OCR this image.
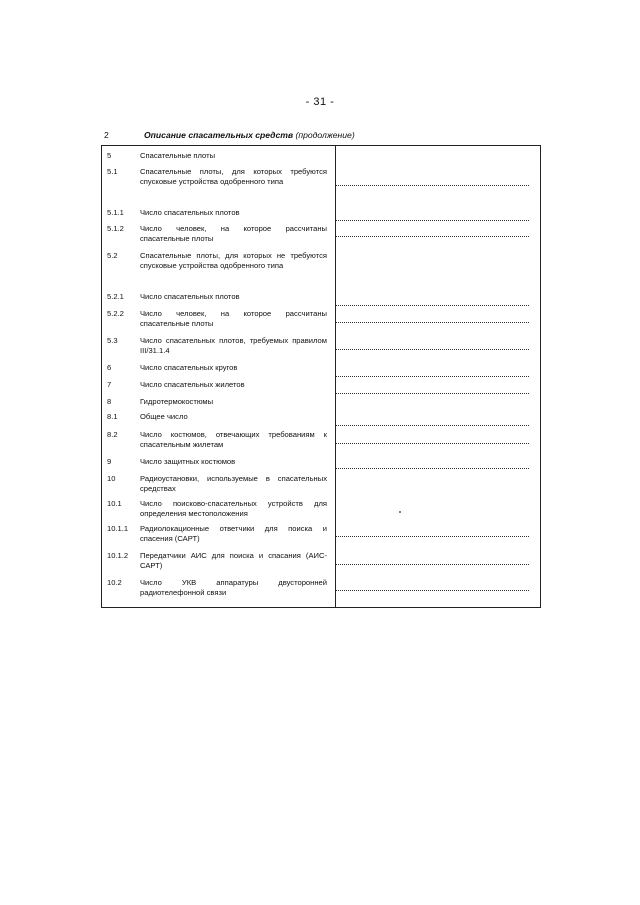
- 31 -
2	Описание спасательных средств (продолжение)
5	Спасательные плоты
5.1	Спасательные плоты, для которых требуются спусковые устройства одобренного типа
5.1.1	Число спасательных плотов
5.1.2	Число человек, на которое рассчитаны спасательные плоты
5.2	Спасательные плоты, для которых не требуются спусковые устройства одобренного типа
5.2.1	Число спасательных плотов
5.2.2	Число человек, на которое рассчитаны спасательные плоты
5.3	Число спасательных плотов, требуемых правилом III/31.1.4
6	Число спасательных кругов
7	Число спасательных жилетов
8	Гидротермокостюмы
8.1	Общее число
8.2	Число костюмов, отвечающих требованиям к спасательным жилетам
9	Число защитных костюмов
10	Радиоустановки, используемые в спасательных средствах
10.1	Число поисково-спасательных устройств для определения местоположения
10.1.1	Радиолокационные ответчики для поиска и спасения (САРТ)
10.1.2	Передатчики АИС для поиска и спасания (АИС-САРТ)
10.2	Число УКВ аппаратуры двусторонней радиотелефонной связи
